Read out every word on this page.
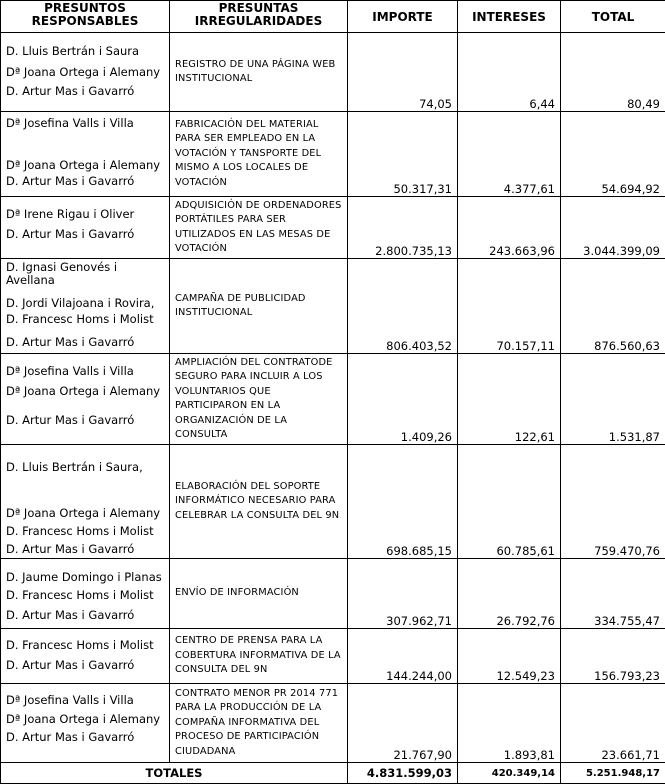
PRESUNTOS RESPONSABLES	PRESUNTAS IRREGULARIDADES	IMPORTE	INTERESES	TOTAL

D. Lluis Bertrán i Saura
Dª Joana Ortega i Alemany
D. Artur Mas i Gavarró	REGISTRO DE UNA PÁGINA WEB INSTITUCIONAL	74,05	6,44	80,49

Dª Josefina Valls i Villa
Dª Joana Ortega i Alemany
D. Artur Mas i Gavarró	FABRICACIÓN DEL MATERIAL PARA SER EMPLEADO EN LA VOTACIÓN Y TANSPORTE DEL MISMO A LOS LOCALES DE VOTACIÓN	50.317,31	4.377,61	54.694,92

Dª Irene Rigau i Oliver
D. Artur Mas i Gavarró	ADQUISICIÓN DE ORDENADORES PORTÁTILES PARA SER UTILIZADOS EN LAS MESAS DE VOTACIÓN	2.800.735,13	243.663,96	3.044.399,09

D. Ignasi Genovés i Avellana
D. Jordi Vilajoana i Rovira,
D. Francesc Homs i Molist
D. Artur Mas i Gavarró	CAMPAÑA DE PUBLICIDAD INSTITUCIONAL	806.403,52	70.157,11	876.560,63

Dª Josefina Valls i Villa
Dª Joana Ortega i Alemany
D. Artur Mas i Gavarró	AMPLIACIÓN DEL CONTRATODE SEGURO PARA INCLUIR A LOS VOLUNTARIOS QUE PARTICIPARON EN LA ORGANIZACIÓN DE LA CONSULTA	1.409,26	122,61	1.531,87

D. Lluis Bertrán i Saura,
Dª Joana Ortega i Alemany
D. Francesc Homs i Molist
D. Artur Mas i Gavarró	ELABORACIÓN DEL SOPORTE INFORMÁTICO NECESARIO PARA CELEBRAR LA CONSULTA DEL 9N	698.685,15	60.785,61	759.470,76

D. Jaume Domingo i Planas
D. Francesc Homs i Molist
D. Artur Mas i Gavarró	ENVÍO DE INFORMACIÓN	307.962,71	26.792,76	334.755,47

D. Francesc Homs i Molist
D. Artur Mas i Gavarró	CENTRO DE PRENSA PARA LA COBERTURA INFORMATIVA DE LA CONSULTA DEL 9N	144.244,00	12.549,23	156.793,23

Dª Josefina Valls i Villa
Dª Joana Ortega i Alemany
D. Artur Mas i Gavarró	CONTRATO MENOR PR 2014 771 PARA LA PRODUCCIÓN DE LA COMPAÑA INFORMATIVA DEL PROCESO DE PARTICIPACIÓN CIUDADANA	21.767,90	1.893,81	23.661,71
TOTALES		4.831.599,03	420.349,14	5.251.948,17
